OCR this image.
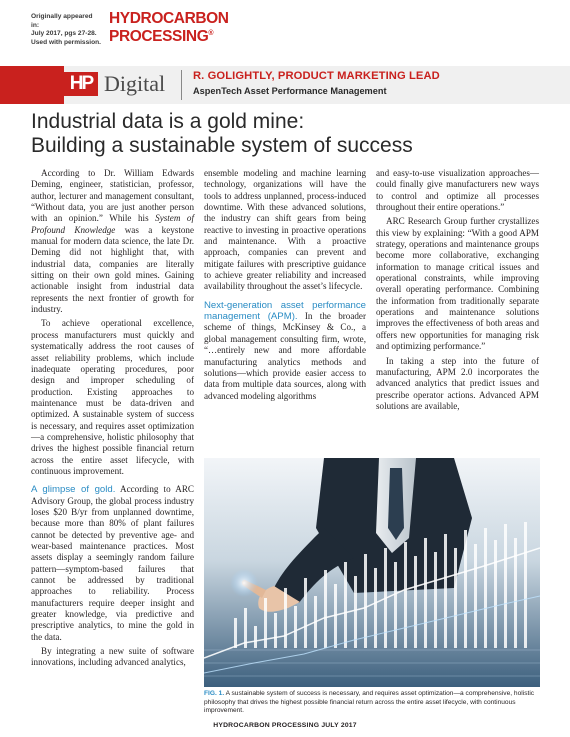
Originally appeared in:
July 2017, pgs 27-28.
Used with permission.
HYDROCARBON
PROCESSING®
HP Digital R. GOLIGHTLY, PRODUCT MARKETING LEAD
AspenTech Asset Performance Management
Industrial data is a gold mine:
Building a sustainable system of success

According to Dr. William Edwards Deming, engineer, statistician, professor, author, lecturer and management consultant, “Without data, you are just another person with an opinion.” While his System of Profound Knowledge was a keystone manual for modern data science, the late Dr. Deming did not highlight that, with industrial data, companies are literally sitting on their own gold mines. Gaining actionable insight from industrial data represents the next frontier of growth for industry.

To achieve operational excellence, process manufacturers must quickly and systematically address the root causes of asset reliability problems, which include inadequate operating procedures, poor design and improper scheduling of production. Existing approaches to maintenance must be data-driven and optimized. A sustainable system of success is necessary, and requires asset optimization—a comprehensive, holistic philosophy that drives the highest possible financial return across the entire asset lifecycle, with continuous improvement.

A glimpse of gold. According to ARC Advisory Group, the global process industry loses $20 B/yr from unplanned downtime, because more than 80% of plant failures cannot be detected by preventive age- and wear-based maintenance practices. Most assets display a seemingly random failure pattern—symptom-based failures that cannot be addressed by traditional approaches to reliability. Process manufacturers require deeper insight and greater knowledge, via predictive and prescriptive analytics, to mine the gold in the data.

By integrating a new suite of software innovations, including advanced analytics,

ensemble modeling and machine learning technology, organizations will have the tools to address unplanned, process-induced downtime. With these advanced solutions, the industry can shift gears from being reactive to investing in proactive operations and maintenance. With a proactive approach, companies can prevent and mitigate failures with prescriptive guidance to achieve greater reliability and increased availability throughout the asset’s lifecycle.

Next-generation asset performance management (APM). In the broader scheme of things, McKinsey & Co., a global management consulting firm, wrote, “…entirely new and more affordable manufacturing analytics methods and solutions—which provide easier access to data from multiple data sources, along with advanced modeling algorithms

and easy-to-use visualization approaches—could finally give manufacturers new ways to control and optimize all processes throughout their entire operations.”

ARC Research Group further crystallizes this view by explaining: “With a good APM strategy, operations and maintenance groups become more collaborative, exchanging information to manage critical issues and operational constraints, while improving overall operating performance. Combining the information from traditionally separate operations and maintenance solutions improves the effectiveness of both areas and offers new opportunities for managing risk and optimizing performance.”

In taking a step into the future of manufacturing, APM 2.0 incorporates the advanced analytics that predict issues and prescribe operator actions. Advanced APM solutions are available,

FIG. 1. A sustainable system of success is necessary, and requires asset optimization—a comprehensive, holistic philosophy that drives the highest possible financial return across the entire asset lifecycle, with continuous improvement.
HYDROCARBON PROCESSING JULY 2017
